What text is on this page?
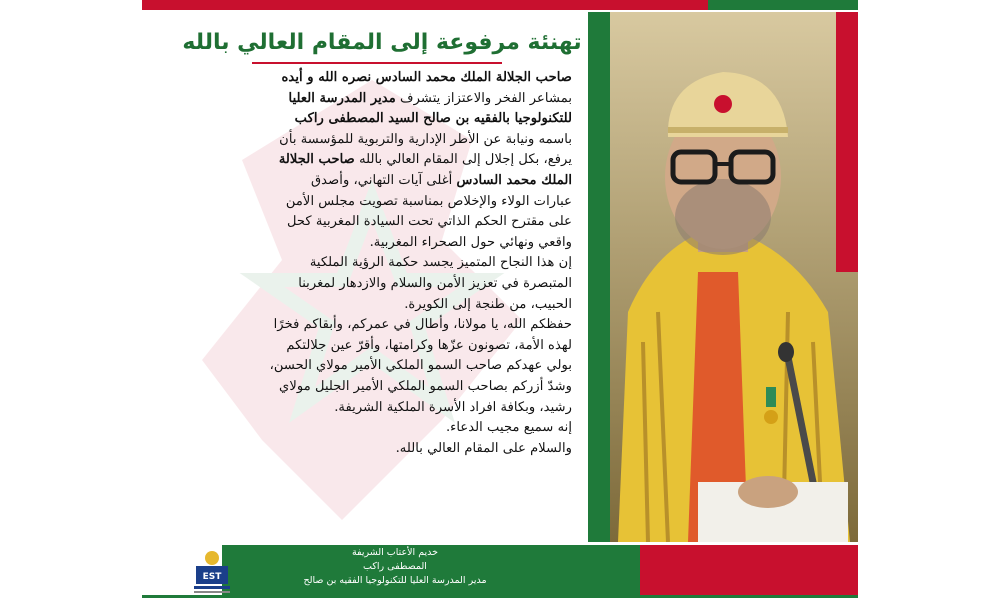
تهنئة مرفوعة إلى المقام العالي بالله

صاحب الجلالة الملك محمد السادس نصره الله و أيده
بمشاعر الفخر والاعتزاز يتشرف مدير المدرسة العليا
للتكنولوجيا بالفقيه بن صالح السيد المصطفى راكب
باسمه ونيابة عن الأطر الإدارية والتربوية للمؤسسة بأن
يرفع، بكل إجلال إلى المقام العالي بالله صاحب الجلالة
الملك محمد السادس أغلى آيات التهاني، وأصدق
عبارات الولاء والإخلاص بمناسبة تصويت مجلس الأمن
على مقترح الحكم الذاتي تحت السيادة المغربية كحل
واقعي ونهائي حول الصحراء المغربية.

إن هذا النجاح المتميز يجسد حكمة الرؤية الملكية
المتبصرة في تعزيز الأمن والسلام والازدهار لمغربنا
الحبيب، من طنجة إلى الكويرة.

حفظكم الله، يا مولانا، وأطال في عمركم، وأبقاكم فخرًا
لهذه الأمة، تصونون عزّها وكرامتها، وأقرّ عين جلالتكم
بولي عهدكم صاحب السمو الملكي الأمير مولاي الحسن،
وشدّ أزركم بصاحب السمو الملكي الأمير الجليل مولاي
رشيد، وبكافة افراد الأسرة الملكية الشريفة.

إنه سميع مجيب الدعاء.
والسلام على المقام العالي بالله.

EST
خديم الأعتاب الشريفة
المصطفى راكب
مدير المدرسة العليا للتكنولوجيا الفقيه بن صالح
